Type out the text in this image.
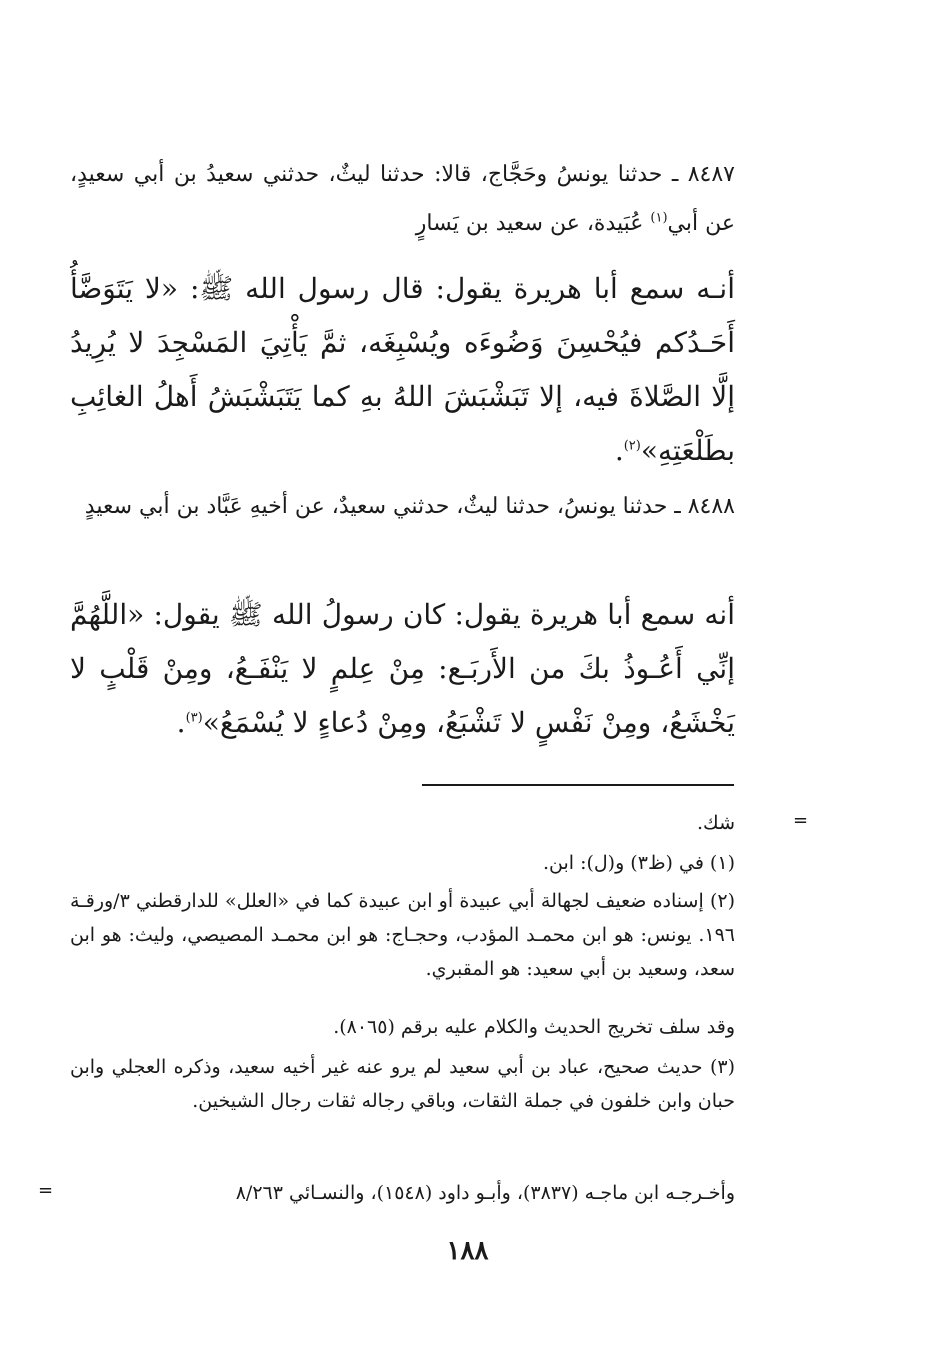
٨٤٨٧ ـ حدثنا يونسُ وحَجَّاج، قالا: حدثنا ليثٌ، حدثني سعيدُ بن أبي سعيدٍ، عن أبي$^{(١)}$ عُبَيدة، عن سعيد بن يَسارٍ
أنـه سمع أبا هريرة يقول: قال رسول الله ﷺ: «لا يَتَوَضَّأُ أَحَـدُكم فيُحْسِنَ وَضُوءَه ويُسْبِغَه، ثمَّ يَأْتِيَ المَسْجِدَ لا يُرِيدُ إلَّا الصَّلاةَ فيه، إلا تَبَشْبَشَ اللهُ بهِ كما يَتَبَشْبَشُ أَهلُ الغائِبِ بطَلْعَتِهِ»$^{(٢)}$.
٨٤٨٨ ـ حدثنا يونسُ، حدثنا ليثٌ، حدثني سعيدٌ، عن أخيهِ عَبَّاد بن أبي سعيدٍ
أنه سمع أبا هريرة يقول: كان رسولُ الله ﷺ يقول: «اللَّهُمَّ إنِّي أَعُـوذُ بكَ من الأَربَـع: مِنْ عِلمٍ لا يَنْفَـعُ، ومِنْ قَلْبٍ لا يَخْشَعُ، ومِنْ نَفْسٍ لا تَشْبَعُ، ومِنْ دُعاءٍ لا يُسْمَعُ»$^{(٣)}$.
=
شك.
(١) في (ظ٣) و(ل): ابن.
(٢) إسناده ضعيف لجهالة أبي عبيدة أو ابن عبيدة كما في «العلل» للدارقطني ٣/ورقـة ١٩٦. يونس: هو ابن محمـد المؤدب، وحجـاج: هو ابن محمـد المصيصي، وليث: هو ابن سعد، وسعيد بن أبي سعيد: هو المقبري.
وقد سلف تخريج الحديث والكلام عليه برقم (٨٠٦٥).
(٣) حديث صحيح، عباد بن أبي سعيد لم يرو عنه غير أخيه سعيد، وذكره العجلي وابن حبان وابن خلفون في جملة الثقات، وباقي رجاله ثقات رجال الشيخين.
وأخـرجـه ابن ماجـه (٣٨٣٧)، وأبـو داود (١٥٤٨)، والنسـائي ٨/٢٦٣
=
١٨٨
